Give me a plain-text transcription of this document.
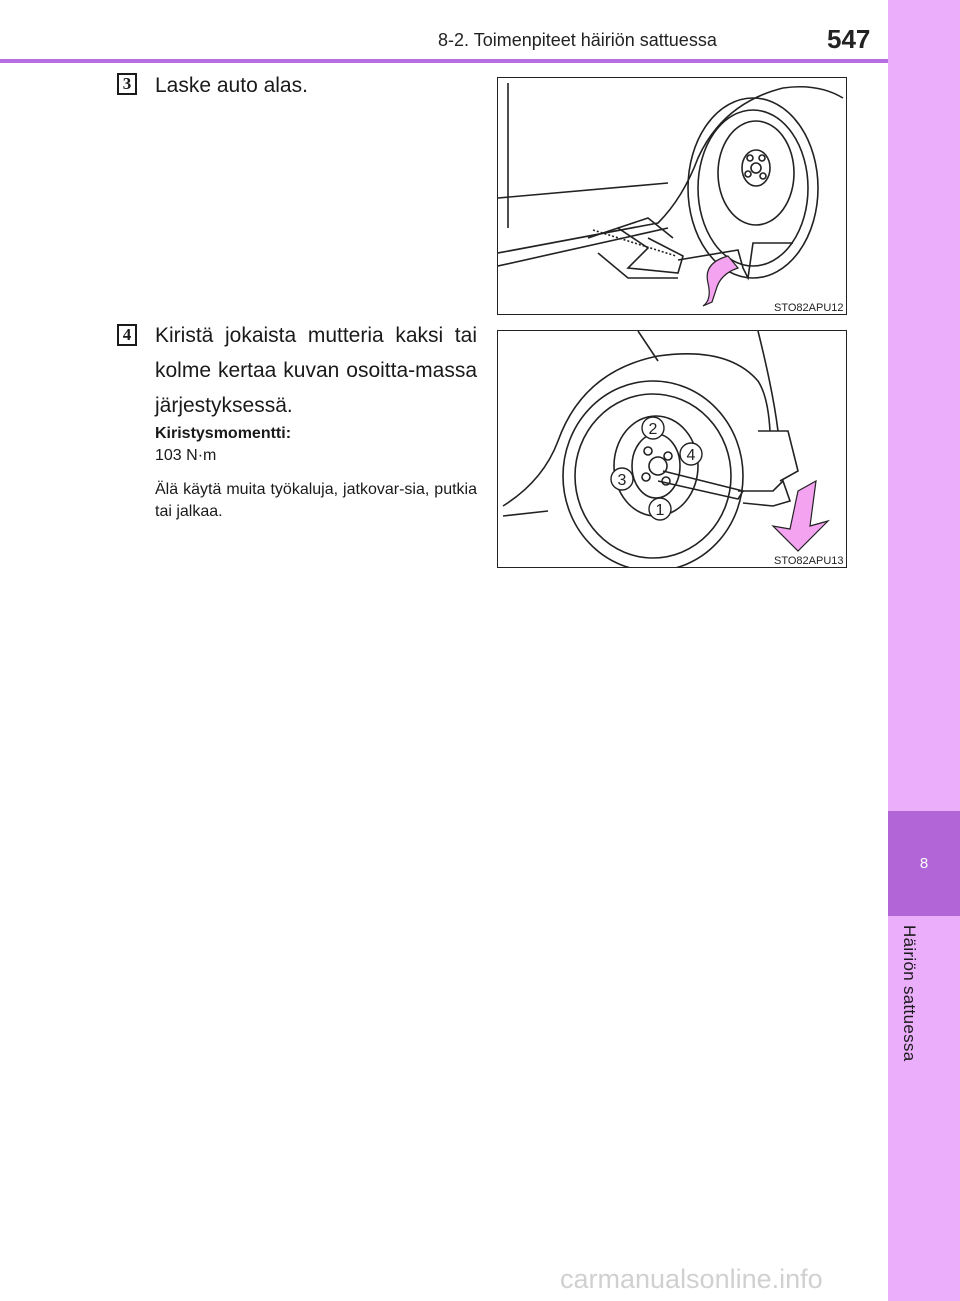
8-2. Toimenpiteet häiriön sattuessa	547
8
Häiriön sattuessa
3 Laske auto alas.
STO82APU12
4 Kiristä jokaista mutteria kaksi tai kolme kertaa kuvan osoitta-massa järjestyksessä.
Kiristysmomentti:
103 N·m
Älä käytä muita työkaluja, jatkovar-sia, putkia tai jalkaa.
2
4
3
1
STO82APU13
carmanualsonline.info
